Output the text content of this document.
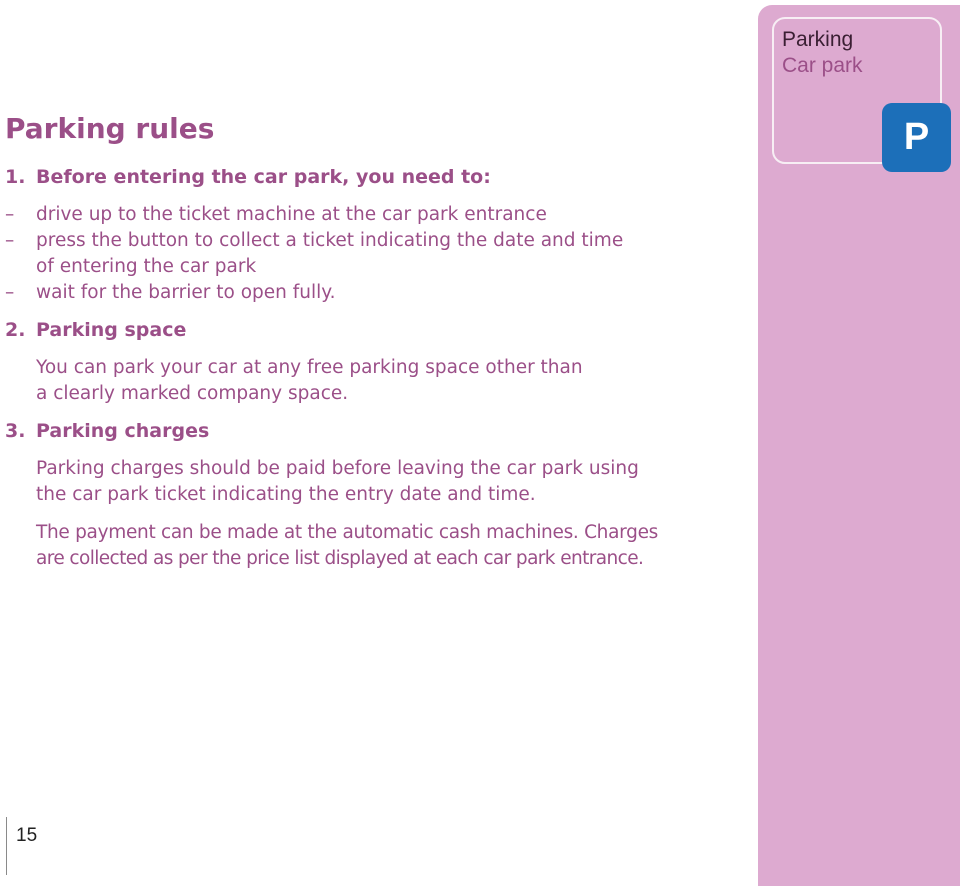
Parking rules
1. Before entering the car park, you need to:
– drive up to the ticket machine at the car park entrance
– press the button to collect a ticket indicating the date and time
of entering the car park
– wait for the barrier to open fully.
2. Parking space
You can park your car at any free parking space other than
a clearly marked company space.
3. Parking charges
Parking charges should be paid before leaving the car park using
the car park ticket indicating the entry date and time.
The payment can be made at the automatic cash machines. Charges
are collected as per the price list displayed at each car park entrance.
15
Parking
Car park
P
